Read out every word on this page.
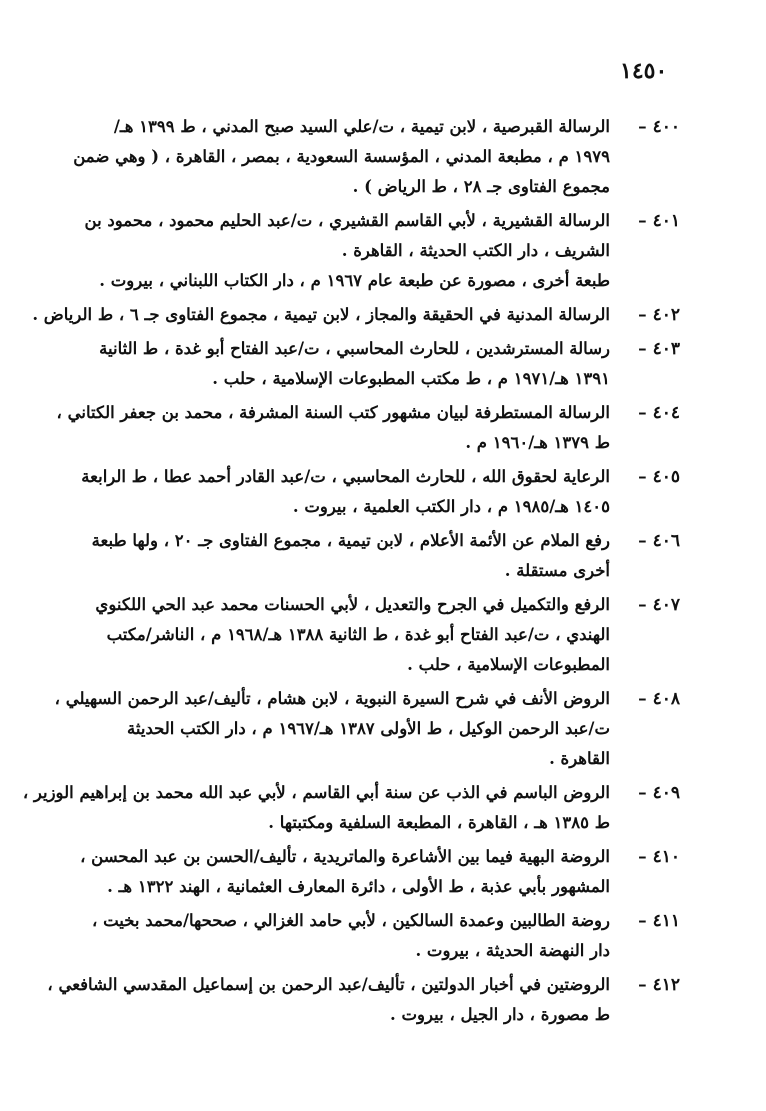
١٤٥٠
٤٠٠ –
الرسالة القبرصية ، لابن تيمية ، ت/علي السيد صبح المدني ، ط ١٣٩٩ هـ/
١٩٧٩ م ، مطبعة المدني ، المؤسسة السعودية ، بمصر ، القاهرة ، ( وهي ضمن
مجموع الفتاوى جـ ٢٨ ، ط الرياض ) .
٤٠١ –
الرسالة القشيرية ، لأبي القاسم القشيري ، ت/عبد الحليم محمود ، محمود بن
الشريف ، دار الكتب الحديثة ، القاهرة .
طبعة أخرى ، مصورة عن طبعة عام ١٩٦٧ م ، دار الكتاب اللبناني ، بيروت .
٤٠٢ –
الرسالة المدنية في الحقيقة والمجاز ، لابن تيمية ، مجموع الفتاوى جـ ٦ ، ط الرياض .
٤٠٣ –
رسالة المسترشدين ، للحارث المحاسبي ، ت/عبد الفتاح أبو غدة ، ط الثانية
١٣٩١ هـ/١٩٧١ م ، ط مكتب المطبوعات الإسلامية ، حلب .
٤٠٤ –
الرسالة المستطرفة لبيان مشهور كتب السنة المشرفة ، محمد بن جعفر الكتاني ،
ط ١٣٧٩ هـ/١٩٦٠ م .
٤٠٥ –
الرعاية لحقوق الله ، للحارث المحاسبي ، ت/عبد القادر أحمد عطا ، ط الرابعة
١٤٠٥ هـ/١٩٨٥ م ، دار الكتب العلمية ، بيروت .
٤٠٦ –
رفع الملام عن الأئمة الأعلام ، لابن تيمية ، مجموع الفتاوى جـ ٢٠ ، ولها طبعة
أخرى مستقلة .
٤٠٧ –
الرفع والتكميل في الجرح والتعديل ، لأبي الحسنات محمد عبد الحي اللكنوي
الهندي ، ت/عبد الفتاح أبو غدة ، ط الثانية ١٣٨٨ هـ/١٩٦٨ م ، الناشر/مكتب
المطبوعات الإسلامية ، حلب .
٤٠٨ –
الروض الأنف في شرح السيرة النبوية ، لابن هشام ، تأليف/عبد الرحمن السهيلي ،
ت/عبد الرحمن الوكيل ، ط الأولى ١٣٨٧ هـ/١٩٦٧ م ، دار الكتب الحديثة
القاهرة .
٤٠٩ –
الروض الباسم في الذب عن سنة أبي القاسم ، لأبي عبد الله محمد بن إبراهيم الوزير ،
ط ١٣٨٥ هـ ، القاهرة ، المطبعة السلفية ومكتبتها .
٤١٠ –
الروضة البهية فيما بين الأشاعرة والماتريدية ، تأليف/الحسن بن عبد المحسن ،
المشهور بأبي عذبة ، ط الأولى ، دائرة المعارف العثمانية ، الهند ١٣٢٢ هـ .
٤١١ –
روضة الطالبين وعمدة السالكين ، لأبي حامد الغزالي ، صححها/محمد بخيت ،
دار النهضة الحديثة ، بيروت .
٤١٢ –
الروضتين في أخبار الدولتين ، تأليف/عبد الرحمن بن إسماعيل المقدسي الشافعي ،
ط مصورة ، دار الجيل ، بيروت .
